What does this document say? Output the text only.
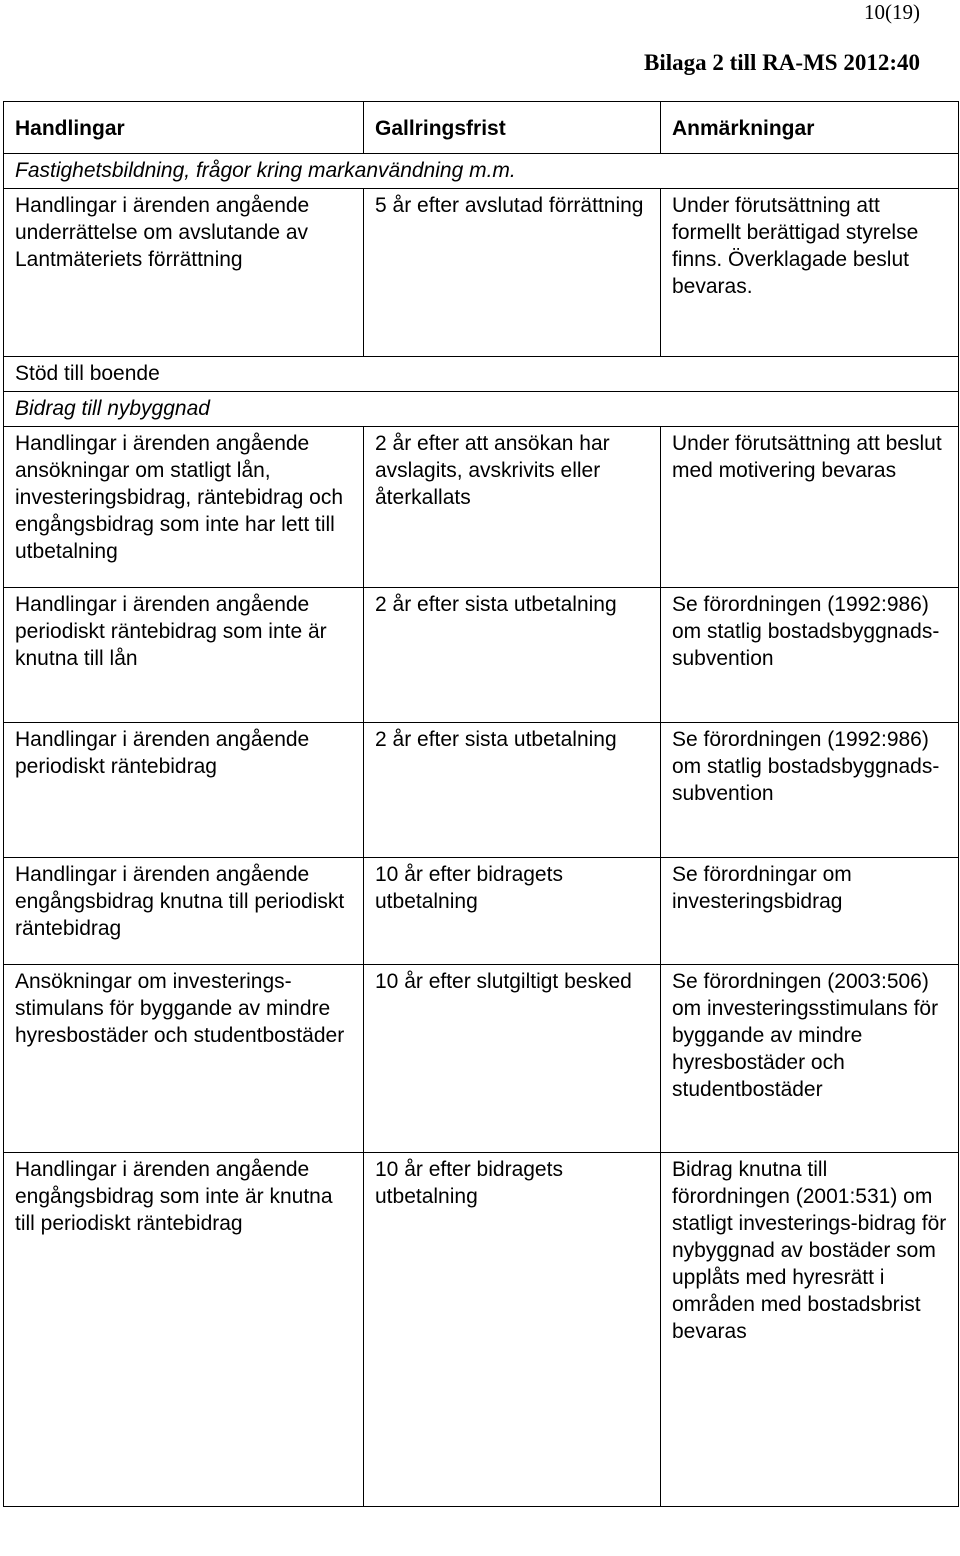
10(19)
Bilaga 2 till RA-MS 2012:40
Handlingar	Gallringsfrist	Anmärkningar
Fastighetsbildning, frågor kring markanvändning m.m.		
Handlingar i ärenden angående underrättelse om avslutande av Lantmäteriets förrättning	5 år efter avslutad förrättning	Under förutsättning att formellt berättigad styrelse finns. Överklagade beslut bevaras.
Stöd till boende		
Bidrag till nybyggnad		
Handlingar i ärenden angående ansökningar om statligt lån, investeringsbidrag, räntebidrag och engångsbidrag som inte har lett till utbetalning	2 år efter att ansökan har avslagits, avskrivits eller återkallats	Under förutsättning att beslut med motivering bevaras
Handlingar i ärenden angående periodiskt räntebidrag som inte är knutna till lån	2 år efter sista utbetalning	Se förordningen (1992:986) om statlig bostadsbyggnads-subvention
Handlingar i ärenden angående periodiskt räntebidrag	2 år efter sista utbetalning	Se förordningen (1992:986) om statlig bostadsbyggnads-subvention
Handlingar i ärenden angående engångsbidrag knutna till periodiskt räntebidrag	10 år efter bidragets utbetalning	Se förordningar om investeringsbidrag
Ansökningar om investerings-stimulans för byggande av mindre hyresbostäder och studentbostäder	10 år efter slutgiltigt besked	Se förordningen (2003:506) om investeringsstimulans för byggande av mindre hyresbostäder och studentbostäder
Handlingar i ärenden angående engångsbidrag som inte är knutna till periodiskt räntebidrag	10 år efter bidragets utbetalning	Bidrag knutna till förordningen (2001:531) om statligt investerings-bidrag för nybyggnad av bostäder som upplåts med hyresrätt i områden med bostadsbrist bevaras
